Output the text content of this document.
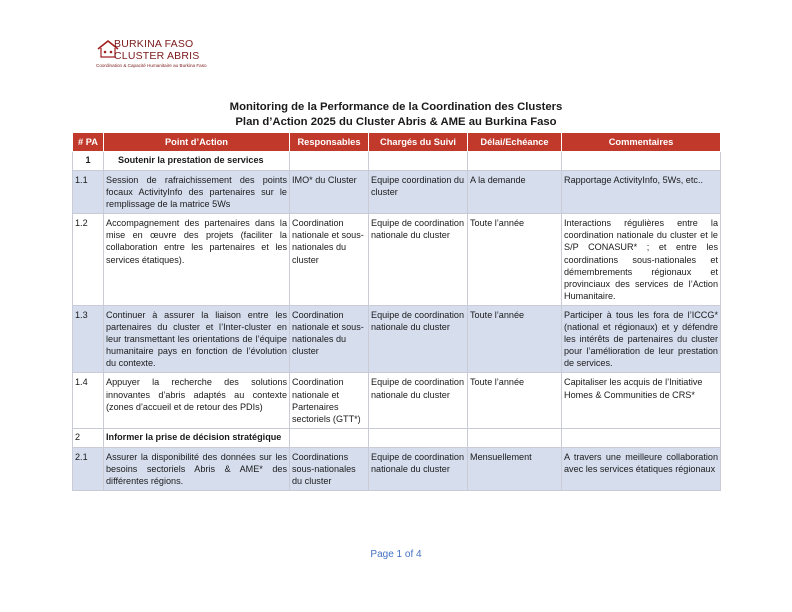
BURKINA FASO
CLUSTER ABRIS
Coordination & Capacité Humanitaire au Burkina Faso
Monitoring de la Performance de la Coordination des Clusters
Plan d’Action 2025 du Cluster Abris & AME au Burkina Faso
# PA	Point d’Action	Responsables	Chargés du Suivi	Délai/Echéance	Commentaires
1	Soutenir la prestation de services				
1.1	Session de rafraichissement des points focaux ActivityInfo des partenaires sur le remplissage de la matrice 5Ws	IMO* du Cluster	Equipe coordination du cluster	A la demande	Rapportage ActivityInfo, 5Ws, etc..
1.2	Accompagnement des partenaires dans la mise en œuvre des projets (faciliter la collaboration entre les partenaires et les services étatiques).	Coordination nationale et sous-nationales du cluster	Equipe de coordination nationale du cluster	Toute l’année	Interactions régulières entre la coordination nationale du cluster et le S/P CONASUR* ; et entre les coordinations sous-nationales et démembrements régionaux et provinciaux des services de l’Action Humanitaire.
1.3	Continuer à assurer la liaison entre les partenaires du cluster et l’Inter-cluster en leur transmettant les orientations de l’équipe humanitaire pays en fonction de l’évolution du contexte.	Coordination nationale et sous-nationales du cluster	Equipe de coordination nationale du cluster	Toute l’année	Participer à tous les fora de l’ICCG* (national et régionaux) et y défendre les intérêts de partenaires du cluster pour l’amélioration de leur prestation de services.
1.4	Appuyer la recherche des solutions innovantes d’abris adaptés au contexte (zones d’accueil et de retour des PDIs)	Coordination nationale et Partenaires sectoriels (GTT*)	Equipe de coordination nationale du cluster	Toute l’année	Capitaliser les acquis de l’Initiative Homes & Communities de CRS*
2	Informer la prise de décision stratégique				
2.1	Assurer la disponibilité des données sur les besoins sectoriels Abris & AME* des différentes régions.	Coordinations sous-nationales du cluster	Equipe de coordination nationale du cluster	Mensuellement	A travers une meilleure collaboration avec les services étatiques régionaux
Page 1 of 4
